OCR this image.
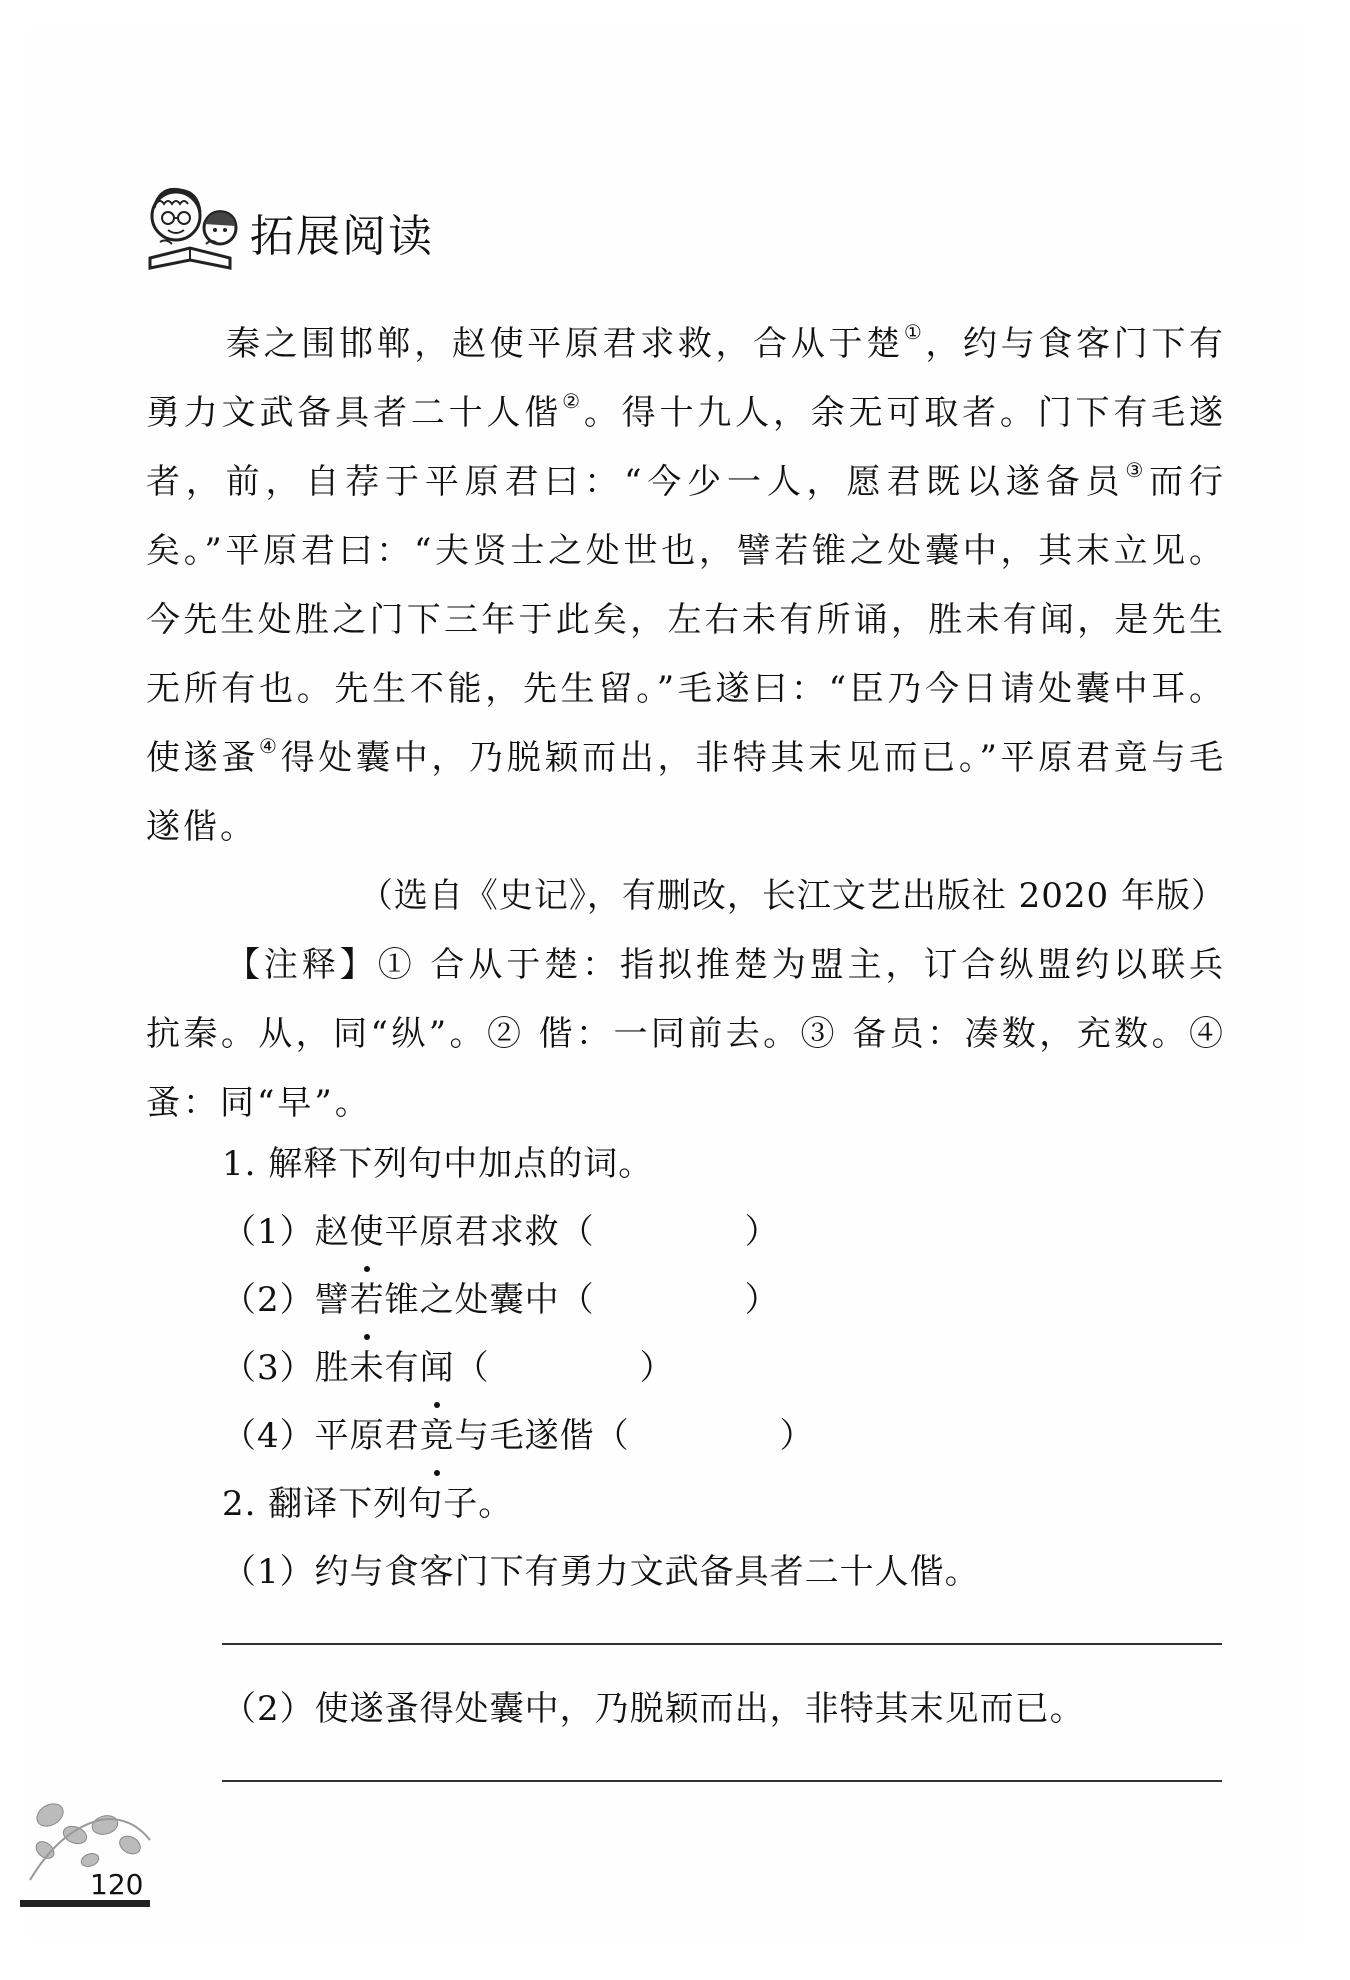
拓展阅读

秦之围邯郸，赵使平原君求救，合从于楚①，约与食客门下有勇力文武备具者二十人偕②。得十九人，余无可取者。门下有毛遂者，前，自荐于平原君曰：“今少一人，愿君既以遂备员③而行矣。”平原君曰：“夫贤士之处世也，譬若锥之处囊中，其末立见。今先生处胜之门下三年于此矣，左右未有所诵，胜未有闻，是先生无所有也。先生不能，先生留。”毛遂曰：“臣乃今日请处囊中耳。使遂蚤④得处囊中，乃脱颖而出，非特其末见而已。”平原君竟与毛遂偕。

（选自《史记》，有删改，长江文艺出版社 2020 年版）

【注释】① 合从于楚：指拟推楚为盟主，订合纵盟约以联兵抗秦。从，同“纵”。② 偕：一同前去。③ 备员：凑数，充数。④ 蚤：同“早”。

1. 解释下列句中加点的词。
（1）赵使平原君求救（	）
（2）譬若锥之处囊中（	）
（3）胜未有闻（	）
（4）平原君竟与毛遂偕（	）
2. 翻译下列句子。
（1）约与食客门下有勇力文武备具者二十人偕。
（2）使遂蚤得处囊中，乃脱颖而出，非特其末见而已。
120
